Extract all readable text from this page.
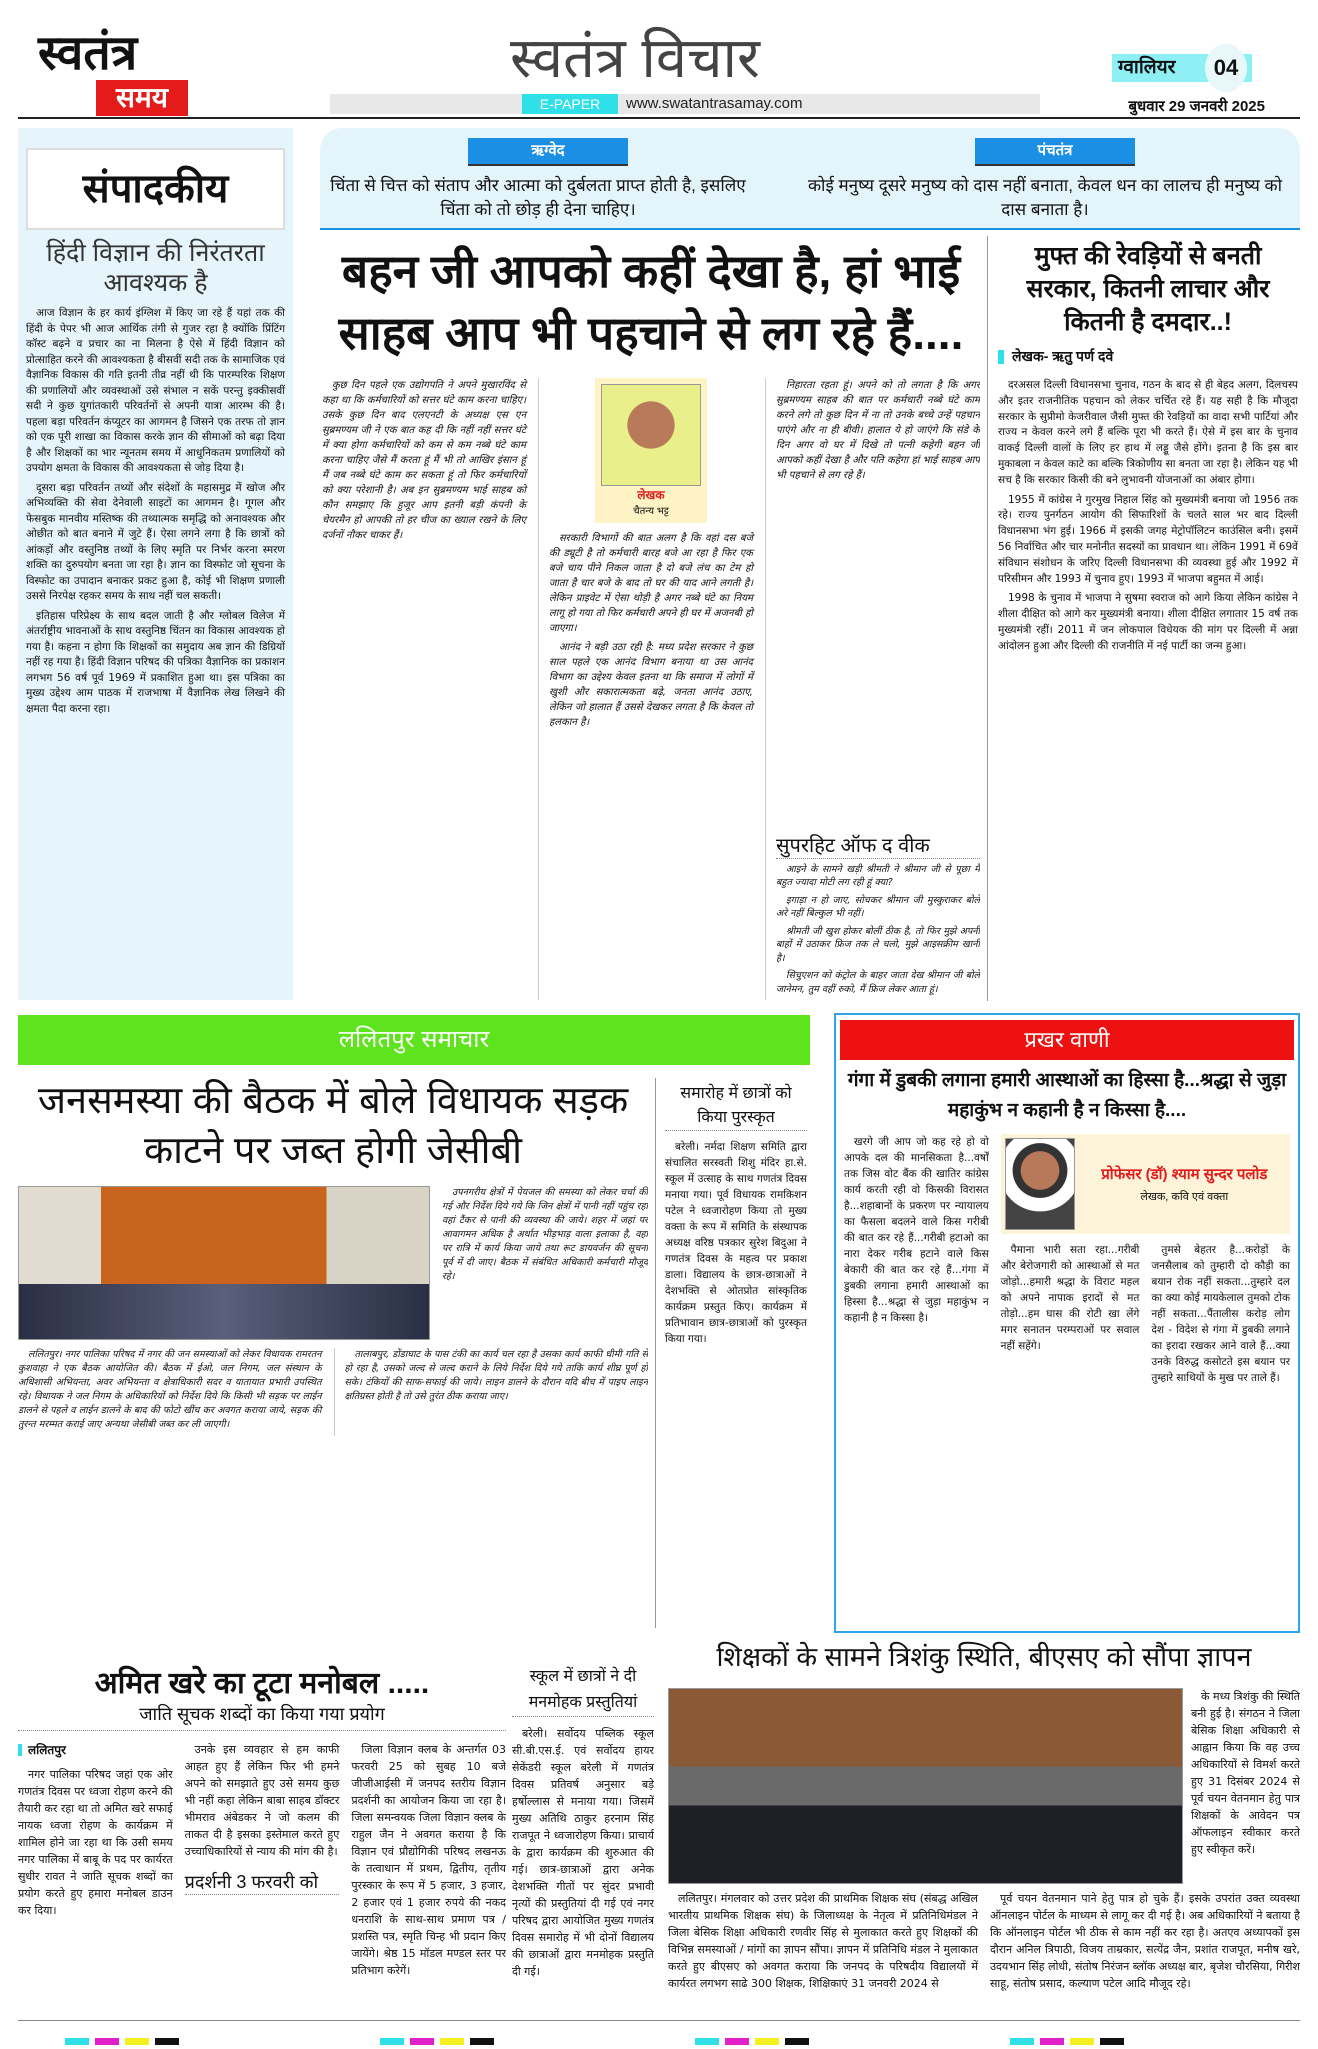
स्वतंत्र
समय
स्वतंत्र विचार
E-PAPER	www.swatantrasamay.com
ग्वालियर	04
बुधवार 29 जनवरी 2025
संपादकीय
हिंदी विज्ञान की निरंतरता आवश्यक है

आज विज्ञान के हर कार्य इंग्लिश में किए जा रहे हैं यहां तक की हिंदी के पेपर भी आज आर्थिक तंगी से गुजर रहा है क्योंकि प्रिंटिंग कॉस्ट बढ़ने व प्रचार का ना मिलना है ऐसे में हिंदी विज्ञान को प्रोत्साहित करने की आवश्यकता है बीसवीं सदी तक के सामाजिक एवं वैज्ञानिक विकास की गति इतनी तीव्र नहीं थी कि पारम्परिक शिक्षण की प्रणालियों और व्यवस्थाओं उसे संभाल न सकें परन्तु इक्कीसवीं सदी ने कुछ युगांतकारी परिवर्तनों से अपनी यात्रा आरम्भ की है। पहला बड़ा परिवर्तन कंप्यूटर का आगमन है जिसने एक तरफ तो ज्ञान को एक पूरी शाखा का विकास करके ज्ञान की सीमाओं को बढ़ा दिया है और शिक्षकों का भार न्यूनतम समय में आधुनिकतम प्रणालियों को उपयोग क्षमता के विकास की आवश्यकता से जोड़ दिया है।

दूसरा बड़ा परिवर्तन तथ्यों और संदेशों के महासमुद्र में खोज और अभिव्यक्ति की सेवा देनेवाली साइटों का आगमन है। गूगल और फेसबुक मानवीय मस्तिष्क की तथ्यात्मक समृद्धि को अनावश्यक और ओछीत को बात बनाने में जुटे हैं। ऐसा लगने लगा है कि छात्रों को आंकड़ों और वस्तुनिष्ठ तथ्यों के लिए स्मृति पर निर्भर करना स्मरण शक्ति का दुरुपयोग बनता जा रहा है। ज्ञान का विस्फोट जो सूचना के विस्फोट का उपादान बनाकर प्रकट हुआ है, कोई भी शिक्षण प्रणाली उससे निरपेक्ष रहकर समय के साथ नहीं चल सकती।

इतिहास परिप्रेक्ष्य के साथ बदल जाती है और ग्लोबल विलेज में अंतर्राष्ट्रीय भावनाओं के साथ वस्तुनिष्ठ चिंतन का विकास आवश्यक हो गया है। कहना न होगा कि शिक्षकों का समुदाय अब ज्ञान की डिग्रियों नहीं रह गया है। हिंदी विज्ञान परिषद की पत्रिका वैज्ञानिक का प्रकाशन लगभग 56 वर्ष पूर्व 1969 में प्रकाशित हुआ था। इस पत्रिका का मुख्य उद्देश्य आम पाठक में राजभाषा में वैज्ञानिक लेख लिखने की क्षमता पैदा करना रहा।

ऋग्वेद
चिंता से चित्त को संताप और आत्मा को दुर्बलता प्राप्त होती है, इसलिए चिंता को तो छोड़ ही देना चाहिए।
पंचतंत्र
कोई मनुष्य दूसरे मनुष्य को दास नहीं बनाता, केवल धन का लालच ही मनुष्य को दास बनाता है।
बहन जी आपको कहीं देखा है, हां भाई साहब आप भी पहचाने से लग रहे हैं....

कुछ दिन पहले एक उद्योगपति ने अपने मुखारविंद से कहा था कि कर्मचारियों को सत्तर घंटे काम करना चाहिए। उसके कुछ दिन बाद एलएनटी के अध्यक्ष एस एन सुब्रमण्यम जी ने एक बात कह दी कि नहीं नहीं सत्तर घंटे में क्या होगा कर्मचारियों को कम से कम नब्बे घंटे काम करना चाहिए जैसे मैं करता हूं मैं भी तो आखिर इंसान हूं मैं जब नब्बे घंटे काम कर सकता हूं तो फिर कर्मचारियों को क्या परेशानी है। अब इन सुब्रमण्यम भाई साहब को कौन समझाए कि हुजूर आप इतनी बड़ी कंपनी के चेयरमैन हो आपकी तो हर चीज का ख्याल रखने के लिए दर्जनों नौकर चाकर हैं।

लेखक
चैतन्य भट्ट

सरकारी विभागों की बात अलग है कि वहां दस बजे की ड्यूटी है तो कर्मचारी बारह बजे आ रहा है फिर एक बजे चाय पीने निकल जाता है दो बजे लंच का टेम हो जाता है चार बजे के बाद तो घर की याद आने लगती है। लेकिन प्राइवेट में ऐसा थोड़ी है अगर नब्बे घंटे का नियम लागू हो गया तो फिर कर्मचारी अपने ही घर में अजनबी हो जाएगा।

आनंद ने बड़ी उठा रही है: मध्य प्रदेश सरकार ने कुछ साल पहले एक आनंद विभाग बनाया था उस आनंद विभाग का उद्देश्य केवल इतना था कि समाज में लोगों में खुशी और सकारात्मकता बढ़े, जनता आनंद उठाए, लेकिन जो हालात हैं उससे देखकर लगता है कि केवल तो हलकान है।

निहारता रहता हूं। अपने को तो लगता है कि अगर सुब्रमण्यम साहब की बात पर कर्मचारी नब्बे घंटे काम करने लगे तो कुछ दिन में ना तो उनके बच्चे उन्हें पहचान पाएंगे और ना ही बीवी। हालात ये हो जाएंगे कि संडे के दिन अगर वो घर में दिखे तो पत्नी कहेगी बहन जी आपको कहीं देखा है और पति कहेगा हां भाई साहब आप भी पहचाने से लग रहे हैं।

सुपरहिट ऑफ द वीक

आइने के सामने खड़ी श्रीमती ने श्रीमान जी से पूछा मैं बहुत ज्यादा मोटी लग रही हूं क्या?

इगाड़ा न हो जाए, सोचकर श्रीमान जी मुस्कुराकर बोले अरे नहीं बिल्कुल भी नहीं।

श्रीमती जी खुश होकर बोलीं ठीक है, तो फिर मुझे अपनी बाहों में उठाकर फ्रिज तक ले चलो, मुझे आइसक्रीम खानी है।

सिचुएशन को कंट्रोल के बाहर जाता देख श्रीमान जी बोले जानेमन, तुम वहीं रुको, मैं फ्रिज लेकर आता हूं।

मुफ्त की रेवड़ियों से बनती सरकार, कितनी लाचार और कितनी है दमदार..!
लेखक- ऋतु पर्ण दवे

दरअसल दिल्ली विधानसभा चुनाव, गठन के बाद से ही बेहद अलग, दिलचस्प और इतर राजनीतिक पहचान को लेकर चर्चित रहे हैं। यह सही है कि मौजूदा सरकार के सुप्रीमो केजरीवाल जैसी मुफ्त की रेवड़ियों का वादा सभी पार्टियां और राज्य न केवल करने लगे हैं बल्कि पूरा भी करते हैं। ऐसे में इस बार के चुनाव वाकई दिल्ली वालों के लिए हर हाथ में लड्डू जैसे होंगे। इतना है कि इस बार मुकाबला न केवल काटे का बल्कि त्रिकोणीय सा बनता जा रहा है। लेकिन यह भी सच है कि सरकार किसी की बने लुभावनी योजनाओं का अंबार होगा।

1955 में कांग्रेस ने गुरमुख निहाल सिंह को मुख्यमंत्री बनाया जो 1956 तक रहे। राज्य पुनर्गठन आयोग की सिफारिशों के चलते साल भर बाद दिल्ली विधानसभा भंग हुई। 1966 में इसकी जगह मेट्रोपॉलिटन काउंसिल बनी। इसमें 56 निर्वाचित और चार मनोनीत सदस्यों का प्रावधान था। लेकिन 1991 में 69वें संविधान संशोधन के जरिए दिल्ली विधानसभा की व्यवस्था हुई और 1992 में परिसीमन और 1993 में चुनाव हुए। 1993 में भाजपा बहुमत में आई।

1998 के चुनाव में भाजपा ने सुषमा स्वराज को आगे किया लेकिन कांग्रेस ने शीला दीक्षित को आगे कर मुख्यमंत्री बनाया। शीला दीक्षित लगातार 15 वर्ष तक मुख्यमंत्री रहीं। 2011 में जन लोकपाल विधेयक की मांग पर दिल्ली में अन्ना आंदोलन हुआ और दिल्ली की राजनीति में नई पार्टी का जन्म हुआ।

ललितपुर समाचार
जनसमस्या की बैठक में बोले विधायक सड़क काटने पर जब्त होगी जेसीबी

उपनगरीय क्षेत्रों में पेयजल की समस्या को लेकर चर्चा की गई और निर्देश दिये गये कि जिन क्षेत्रों में पानी नहीं पहुंच रहा वहां टैंकर से पानी की व्यवस्था की जाये। शहर में जहां पर आवागमन अधिक है अर्थात भीड़भाड़ वाला इलाका है, वहां पर रात्रि में कार्य किया जाये तथा रूट डायवर्जन की सूचना पूर्व में दी जाए। बैठक में संबंधित अधिकारी कर्मचारी मौजूद रहे।

ललितपुर। नगर पालिका परिषद में नगर की जन समस्याओं को लेकर विधायक रामरतन कुशवाहा ने एक बैठक आयोजित की। बैठक में ईओ, जल निगम, जल संस्थान के अधिशासी अभियन्ता, अवर अभियन्ता व क्षेत्राधिकारी सदर व यातायात प्रभारी उपस्थित रहे। विधायक ने जल निगम के अधिकारियों को निर्देश दिये कि किसी भी सड़क पर लाईन डालने से पहले व लाईन डालने के बाद की फोटो खींच कर अवगत कराया जाये, सड़क की तुरन्त मरम्मत कराई जाए अन्यथा जेसीबी जब्त कर ली जाएगी।

तालाबपुर, डोंडाघाट के पास टंकी का कार्य चल रहा है उसका कार्य काफी धीमी गति से हो रहा है, उसको जल्द से जल्द कराने के लिये निर्देश दिये गये ताकि कार्य शीघ्र पूर्ण हो सके। टंकियों की साफ-सफाई की जाये। लाइन डालने के दौरान यदि बीच में पाइप लाइन क्षतिग्रस्त होती है तो उसे तुरंत ठीक कराया जाए।

समारोह में छात्रों को किया पुरस्कृत

बरेली। नर्मदा शिक्षण समिति द्वारा संचालित सरस्वती शिशु मंदिर हा.से. स्कूल में उत्साह के साथ गणतंत्र दिवस मनाया गया। पूर्व विधायक रामकिशन पटेल ने ध्वजारोहण किया तो मुख्य वक्ता के रूप में समिति के संस्थापक अध्यक्ष वरिष्ठ पत्रकार सुरेश बिदुआ ने गणतंत्र दिवस के महत्व पर प्रकाश डाला। विद्यालय के छात्र-छात्राओं ने देशभक्ति से ओतप्रोत सांस्कृतिक कार्यक्रम प्रस्तुत किए। कार्यक्रम में प्रतिभावान छात्र-छात्राओं को पुरस्कृत किया गया।

प्रखर वाणी
गंगा में डुबकी लगाना हमारी आस्थाओं का हिस्सा है...श्रद्धा से जुड़ा महाकुंभ न कहानी है न किस्सा है....

खरगे जी आप जो कह रहे हो वो आपके दल की मानसिकता है...वर्षों तक जिस वोट बैंक की खातिर कांग्रेस कार्य करती रही वो किसकी विरासत है...शहाबानों के प्रकरण पर न्यायालय का फैसला बदलने वाले किस गरीबी की बात कर रहे हैं...गरीबी हटाओ का नारा देकर गरीब हटाने वाले किस बेकारी की बात कर रहे हैं...गंगा में डुबकी लगाना हमारी आस्थाओं का हिस्सा है...श्रद्धा से जुड़ा महाकुंभ न कहानी है न किस्सा है।

प्रोफेसर (डॉ) श्याम सुन्दर पलोड
लेखक, कवि एवं वक्ता

पैमाना भारी सता रहा...गरीबी और बेरोजगारी को आस्थाओं से मत जोड़ो...हमारी श्रद्धा के विराट महल को अपने नापाक इरादों से मत तोड़ो...हम घास की रोटी खा लेंगे मगर सनातन परम्पराओं पर सवाल नहीं सहेंगे।

तुमसे बेहतर है...करोड़ों के जनसैलाब को तुम्हारी दो कौड़ी का बयान रोक नहीं सकता...तुम्हारे दल का क्या कोई मायकेलाल तुमको टोक नहीं सकता...पैंतालीस करोड़ लोग देश - विदेश से गंगा में डुबकी लगाने का इरादा रखकर आने वाले हैं...क्या उनके विरुद्ध कसोटते इस बयान पर तुम्हारे साथियों के मुख पर ताले हैं।

अमित खरे का टूटा मनोबल .....
जाति सूचक शब्दों का किया गया प्रयोग
ललितपुर

नगर पालिका परिषद जहां एक ओर गणतंत्र दिवस पर ध्वजा रोहण करने की तैयारी कर रहा था तो अमित खरे सफाई नायक ध्वजा रोहण के कार्यक्रम में शामिल होने जा रहा था कि उसी समय नगर पालिका में बाबू के पद पर कार्यरत सुधीर रावत ने जाति सूचक शब्दों का प्रयोग करते हुए हमारा मनोबल डाउन कर दिया।

उनके इस व्यवहार से हम काफी आहत हुए हैं लेकिन फिर भी हमने अपने को समझाते हुए उसे समय कुछ भी नहीं कहा लेकिन बाबा साहब डॉक्टर भीमराव अंबेडकर ने जो कलम की ताकत दी है इसका इस्तेमाल करते हुए उच्चाधिकारियों से न्याय की मांग की है।

प्रदर्शनी 3 फरवरी को

जिला विज्ञान क्लब के अन्तर्गत 03 फरवरी 25 को सुबह 10 बजे जीजीआईसी में जनपद स्तरीय विज्ञान प्रदर्शनी का आयोजन किया जा रहा है। जिला समन्वयक जिला विज्ञान क्लब के राहुल जैन ने अवगत कराया है कि विज्ञान एवं प्रौद्योगिकी परिषद लखनऊ के तत्वाधान में प्रथम, द्वितीय, तृतीय पुरस्कार के रूप में 5 हजार, 3 हजार, 2 हजार एवं 1 हजार रुपये की नकद धनराशि के साथ-साथ प्रमाण पत्र / प्रशस्ति पत्र, स्मृति चिन्ह भी प्रदान किए जायेंगे। श्रेष्ठ 15 मॉडल मण्डल स्तर पर प्रतिभाग करेगें।

स्कूल में छात्रों ने दी मनमोहक प्रस्तुतियां

बरेली। सर्वोदय पब्लिक स्कूल सी.बी.एस.ई. एवं सर्वोदय हायर सेकेंडरी स्कूल बरेली में गणतंत्र दिवस प्रतिवर्ष अनुसार बड़े हर्षोल्लास से मनाया गया। जिसमें मुख्य अतिथि ठाकुर हरनाम सिंह राजपूत ने ध्वजारोहण किया। प्राचार्य के द्वारा कार्यक्रम की शुरुआत की गई। छात्र-छात्राओं द्वारा अनेक देशभक्ति गीतों पर सुंदर प्रभावी नृत्यों की प्रस्तुतियां दी गई एवं नगर परिषद द्वारा आयोजित मुख्य गणतंत्र दिवस समारोह में भी दोनों विद्यालय की छात्राओं द्वारा मनमोहक प्रस्तुति दी गई।

शिक्षकों के सामने त्रिशंकु स्थिति, बीएसए को सौंपा ज्ञापन

के मध्य त्रिशंकु की स्थिति बनी हुई है। संगठन ने जिला बेसिक शिक्षा अधिकारी से आह्वान किया कि वह उच्च अधिकारियों से विमर्श करते हुए 31 दिसंबर 2024 से पूर्व चयन वेतनमान हेतु पात्र शिक्षकों के आवेदन पत्र ऑफलाइन स्वीकार करते हुए स्वीकृत करें।

ललितपुर। मंगलवार को उत्तर प्रदेश की प्राथमिक शिक्षक संघ (संबद्ध अखिल भारतीय प्राथमिक शिक्षक संघ) के जिलाध्यक्ष के नेतृत्व में प्रतिनिधिमंडल ने जिला बेसिक शिक्षा अधिकारी रणवीर सिंह से मुलाकात करते हुए शिक्षकों की विभिन्न समस्याओं / मांगों का ज्ञापन सौंपा। ज्ञापन में प्रतिनिधि मंडल ने मुलाकात करते हुए बीएसए को अवगत कराया कि जनपद के परिषदीय विद्यालयों में कार्यरत लगभग साढे 300 शिक्षक, शिक्षिकाएं 31 जनवरी 2024 से

पूर्व चयन वेतनमान पाने हेतु पात्र हो चुके हैं। इसके उपरांत उक्त व्यवस्था ऑनलाइन पोर्टल के माध्यम से लागू कर दी गई है। अब अधिकारियों ने बताया है कि ऑनलाइन पोर्टल भी ठीक से काम नहीं कर रहा है। अतएव अध्यापकों इस दौरान अनिल त्रिपाठी, विजय ताम्रकार, सत्येंद्र जैन, प्रशांत राजपूत, मनीष खरे, उदयभान सिंह लोधी, संतोष निरंजन ब्लॉक अध्यक्ष बार, बृजेश चौरसिया, गिरीश साहू, संतोष प्रसाद, कल्याण पटेल आदि मौजूद रहे।
